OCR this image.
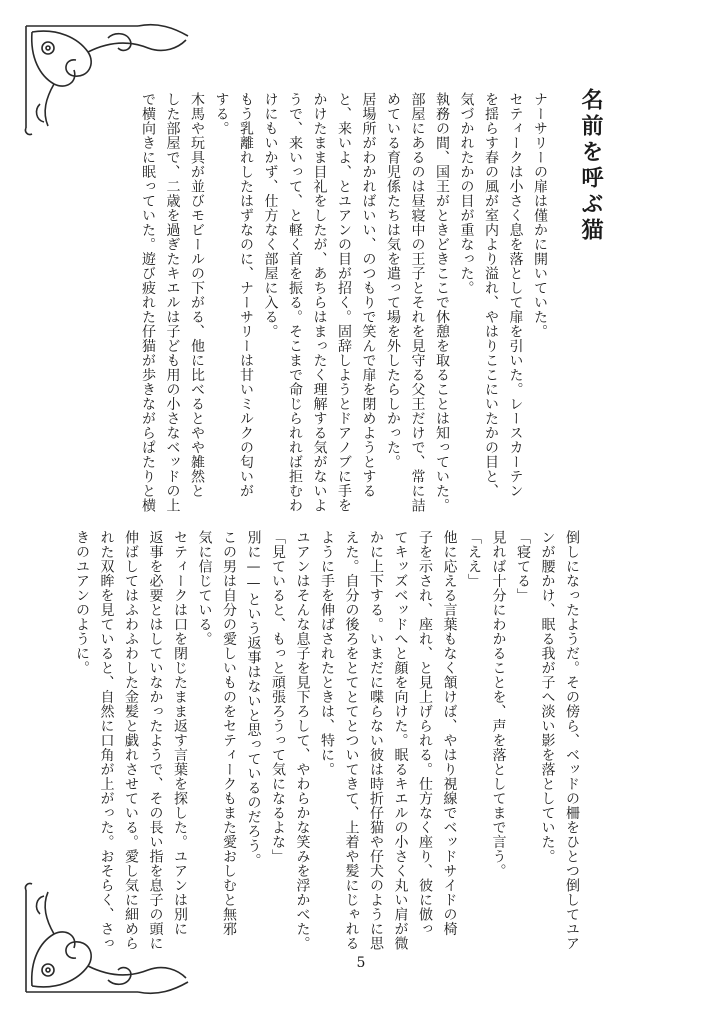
名前を呼ぶ猫
ナーサリーの扉は僅かに開いていた。
セティークは小さく息を落として扉を引いた。レースカーテン
を揺らす春の風が室内より溢れ、やはりここにいたかの目と、
気づかれたかの目が重なった。
執務の間、国王がときどきここで休憩を取ることは知っていた。
部屋にあるのは昼寝中の王子とそれを見守る父王だけで、常に詰
めている育児係たちは気を遣って場を外したらしかった。
居場所がわかればいい、のつもりで笑んで扉を閉めようとする
と、来いよ、とユアンの目が招く。固辞しようとドアノブに手を
かけたまま目礼をしたが、あちらはまったく理解する気がないよ
うで、来いって、と軽く首を振る。そこまで命じられれば拒むわ
けにもいかず、仕方なく部屋に入る。
もう乳離れしたはずなのに、ナーサリーは甘いミルクの匂いが
する。
木馬や玩具が並びモビールの下がる、他に比べるとやや雑然と
した部屋で、二歳を過ぎたキエルは子ども用の小さなベッドの上
で横向きに眠っていた。遊び疲れた仔猫が歩きながらぱたりと横
倒しになったようだ。その傍ら、ベッドの柵をひとつ倒してユア
ンが腰かけ、眠る我が子へ淡い影を落としていた。
「寝てる」
見れば十分にわかることを、声を落としてまで言う。
「ええ」
他に応える言葉もなく頷けば、やはり視線でベッドサイドの椅
子を示され、座れ、と見上げられる。仕方なく座り、彼に倣っ
てキッズベッドへと顔を向けた。眠るキエルの小さく丸い肩が微
かに上下する。いまだに喋らない彼は時折仔猫や仔犬のように思
えた。自分の後ろをとてとてとついてきて、上着や髪にじゃれる
ように手を伸ばされたときは、特に。
ユアンはそんな息子を見下ろして、やわらかな笑みを浮かべた。
「見ていると、もっと頑張ろうって気になるよな」
別に——という返事はないと思っているのだろう。
この男は自分の愛しいものをセティークもまた愛おしむと無邪
気に信じている。
セティークは口を閉じたまま返す言葉を探した。ユアンは別に
返事を必要とはしていなかったようで、その長い指を息子の頭に
伸ばしてはふわふわした金髪と戯れさせている。愛し気に細めら
れた双眸を見ていると、自然に口角が上がった。おそらく、さっ
きのユアンのように。
5
